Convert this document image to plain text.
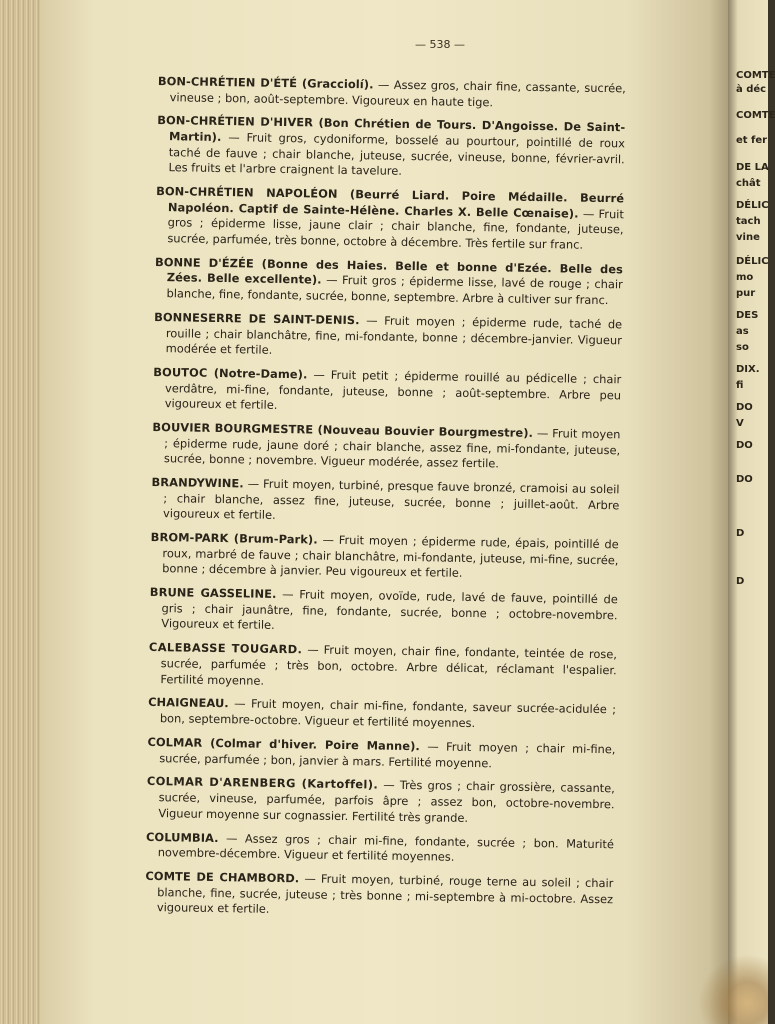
— 538 —

BON-CHRÉTIEN D'ÉTÉ (Gracciolí). — Assez gros, chair fine, cassante, sucrée, vineuse ; bon, août-septembre. Vigoureux en haute tige.

BON-CHRÉTIEN D'HIVER (Bon Chrétien de Tours. D'Angoisse. De Saint-Martin). — Fruit gros, cydoniforme, bosselé au pourtour, pointillé de roux taché de fauve ; chair blanche, juteuse, sucrée, vineuse, bonne, février-avril. Les fruits et l'arbre craignent la tavelure.

BON-CHRÉTIEN NAPOLÉON (Beurré Liard. Poire Médaille. Beurré Napoléon. Captif de Sainte-Hélène. Charles X. Belle Cœnaise). — Fruit gros ; épiderme lisse, jaune clair ; chair blanche, fine, fondante, juteuse, sucrée, parfumée, très bonne, octobre à décembre. Très fertile sur franc.

BONNE D'ÉZÉE (Bonne des Haies. Belle et bonne d'Ezée. Belle des Zées. Belle excellente). — Fruit gros ; épiderme lisse, lavé de rouge ; chair blanche, fine, fondante, sucrée, bonne, septembre. Arbre à cultiver sur franc.

BONNESERRE DE SAINT-DENIS. — Fruit moyen ; épiderme rude, taché de rouille ; chair blanchâtre, fine, mi-fondante, bonne ; décembre-janvier. Vigueur modérée et fertile.

BOUTOC (Notre-Dame). — Fruit petit ; épiderme rouillé au pédicelle ; chair verdâtre, mi-fine, fondante, juteuse, bonne ; août-septembre. Arbre peu vigoureux et fertile.

BOUVIER BOURGMESTRE (Nouveau Bouvier Bourgmestre). — Fruit moyen ; épiderme rude, jaune doré ; chair blanche, assez fine, mi-fondante, juteuse, sucrée, bonne ; novembre. Vigueur modérée, assez fertile.

BRANDYWINE. — Fruit moyen, turbiné, presque fauve bronzé, cramoisi au soleil ; chair blanche, assez fine, juteuse, sucrée, bonne ; juillet-août. Arbre vigoureux et fertile.

BROM-PARK (Brum-Park). — Fruit moyen ; épiderme rude, épais, pointillé de roux, marbré de fauve ; chair blanchâtre, mi-fondante, juteuse, mi-fine, sucrée, bonne ; décembre à janvier. Peu vigoureux et fertile.

BRUNE GASSELINE. — Fruit moyen, ovoïde, rude, lavé de fauve, pointillé de gris ; chair jaunâtre, fine, fondante, sucrée, bonne ; octobre-novembre. Vigoureux et fertile.

CALEBASSE TOUGARD. — Fruit moyen, chair fine, fondante, teintée de rose, sucrée, parfumée ; très bon, octobre. Arbre délicat, réclamant l'espalier. Fertilité moyenne.

CHAIGNEAU. — Fruit moyen, chair mi-fine, fondante, saveur sucrée-acidulée ; bon, septembre-octobre. Vigueur et fertilité moyennes.

COLMAR (Colmar d'hiver. Poire Manne). — Fruit moyen ; chair mi-fine, sucrée, parfumée ; bon, janvier à mars. Fertilité moyenne.

COLMAR D'ARENBERG (Kartoffel). — Très gros ; chair grossière, cassante, sucrée, vineuse, parfumée, parfois âpre ; assez bon, octobre-novembre. Vigueur moyenne sur cognassier. Fertilité très grande.

COLUMBIA. — Assez gros ; chair mi-fine, fondante, sucrée ; bon. Maturité novembre-décembre. Vigueur et fertilité moyennes.

COMTE DE CHAMBORD. — Fruit moyen, turbiné, rouge terne au soleil ; chair blanche, fine, sucrée, juteuse ; très bonne ; mi-septembre à mi-octobre. Assez vigoureux et fertile.

COMTE
à déc
COMTE
et fer
DE LA
chât
DÉLIC
tach
vine
DÉLIC
mo
pur
DES
as
so
DIX.
fi
DO
V
DO
DO
D
D
